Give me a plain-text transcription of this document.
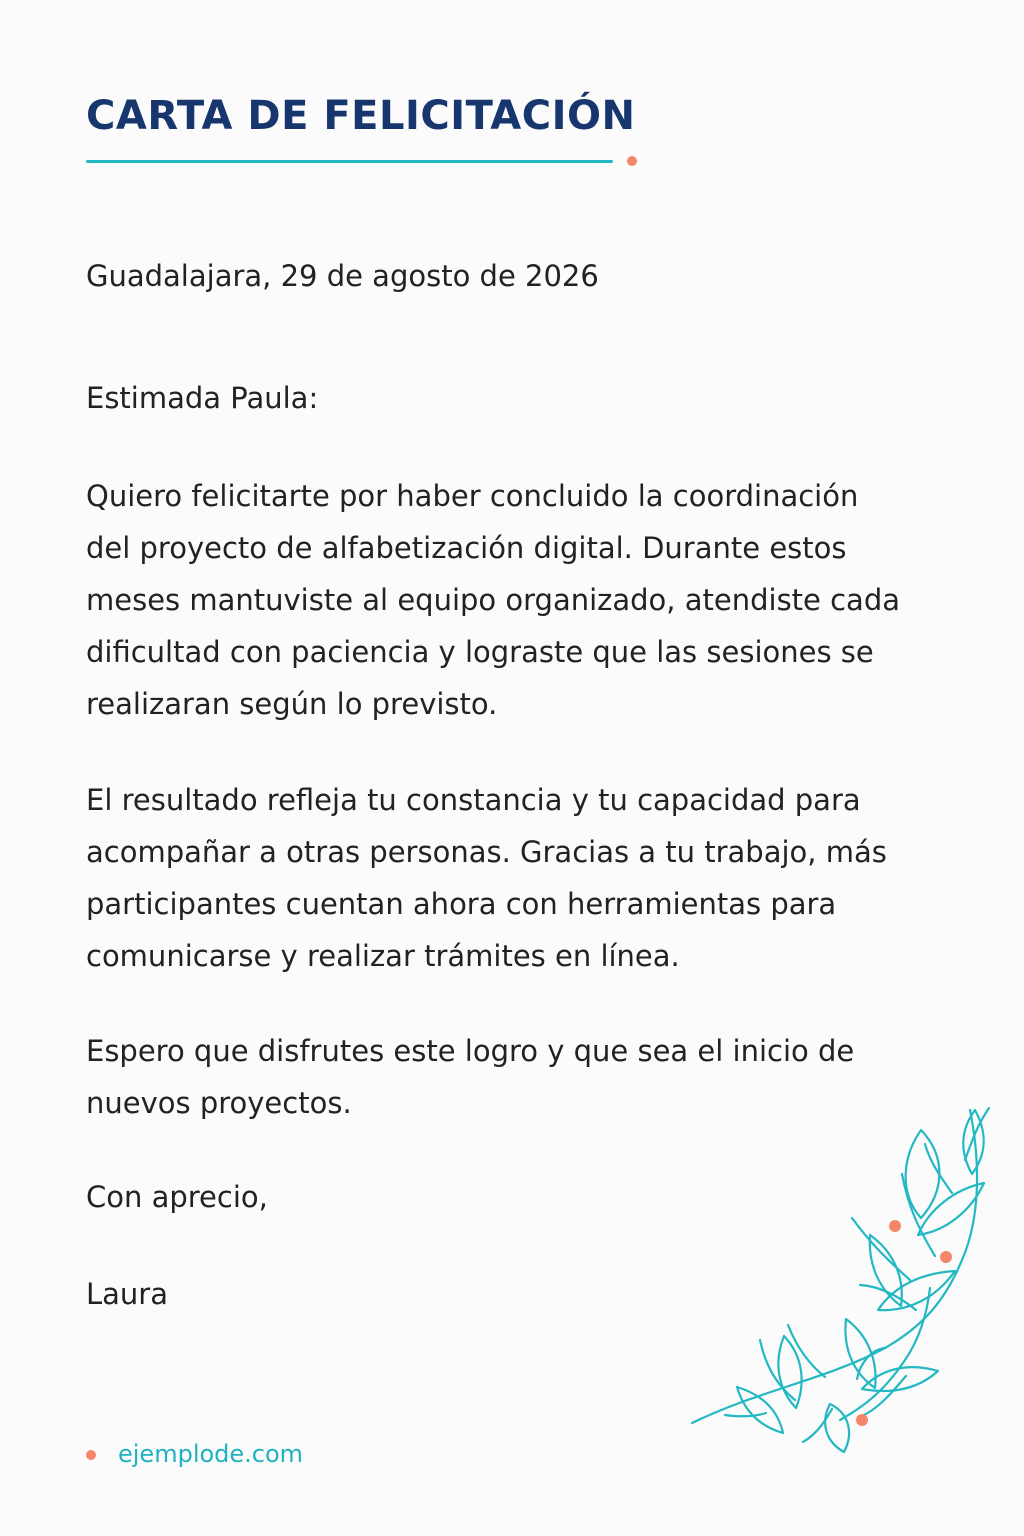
CARTA DE FELICITACIÓN

Guadalajara, 29 de agosto de 2026

Estimada Paula:

Quiero felicitarte por haber concluido la coordinación del proyecto de alfabetización digital. Durante estos meses mantuviste al equipo organizado, atendiste cada dificultad con paciencia y lograste que las sesiones se realizaran según lo previsto.

El resultado refleja tu constancia y tu capacidad para acompañar a otras personas. Gracias a tu trabajo, más participantes cuentan ahora con herramientas para comunicarse y realizar trámites en línea.

Espero que disfrutes este logro y que sea el inicio de nuevos proyectos.

Con aprecio,

Laura

ejemplode.com
